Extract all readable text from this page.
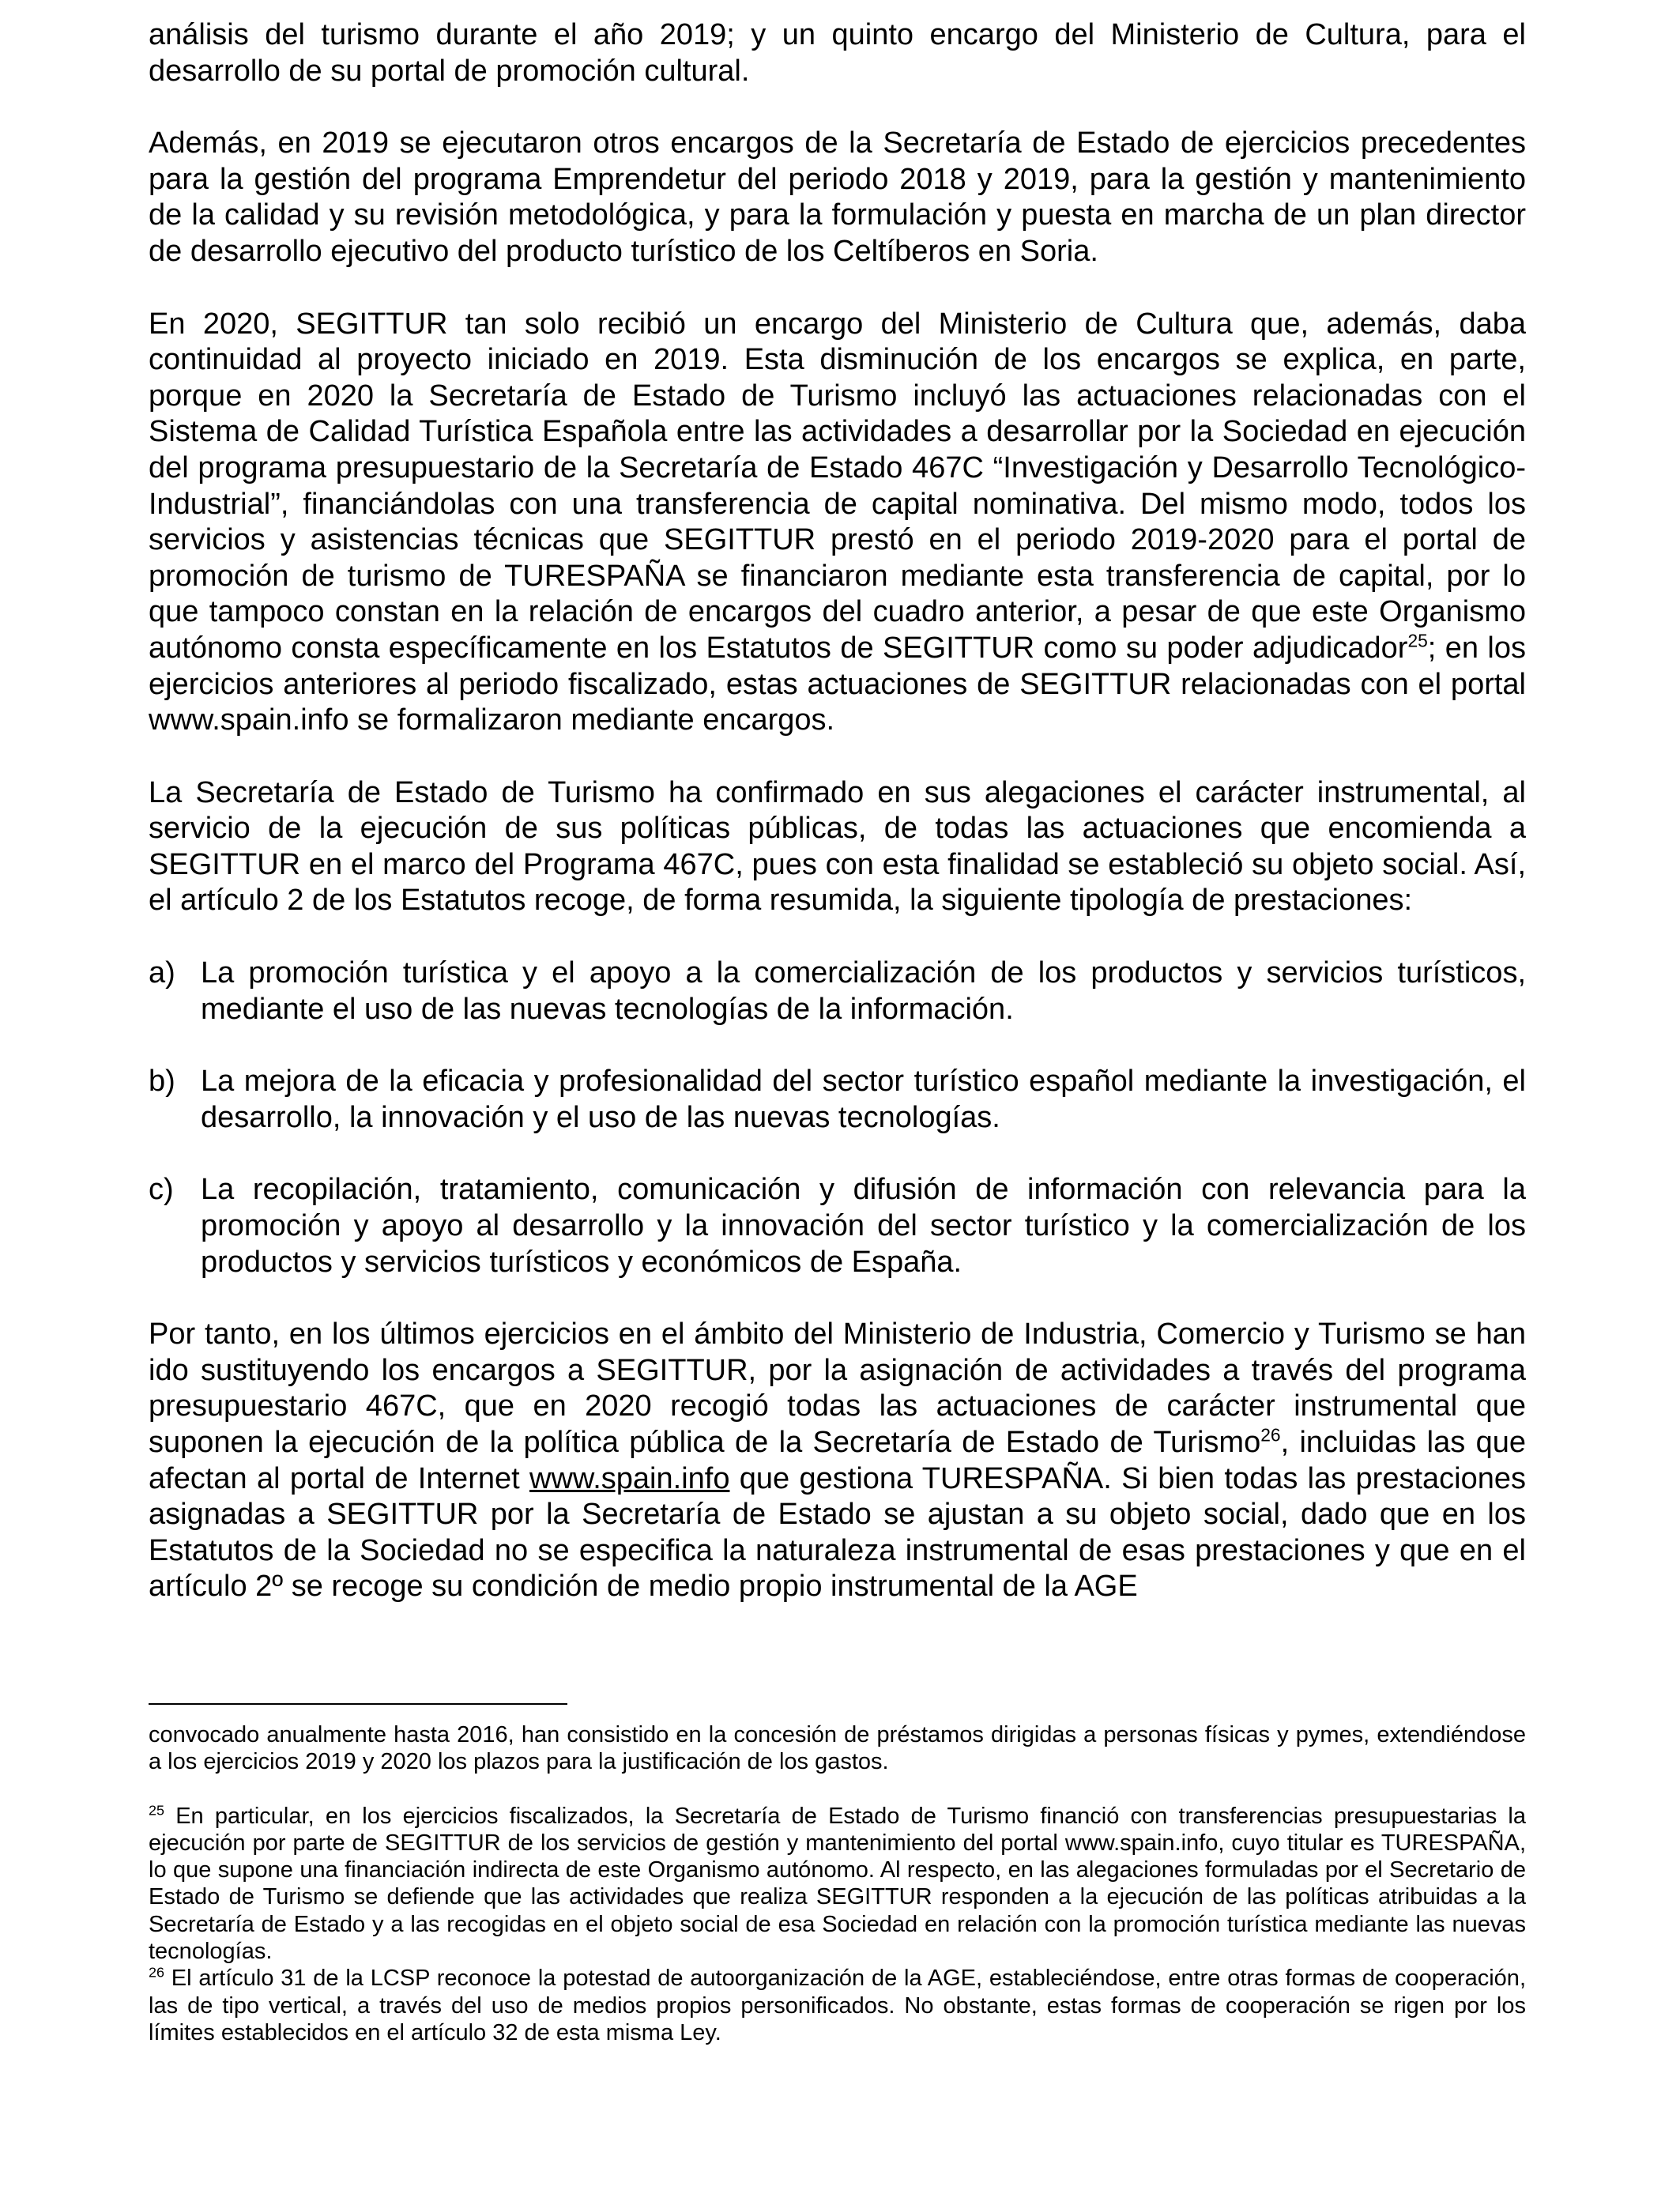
análisis del turismo durante el año 2019; y un quinto encargo del Ministerio de Cultura, para el desarrollo de su portal de promoción cultural.

Además, en 2019 se ejecutaron otros encargos de la Secretaría de Estado de ejercicios precedentes para la gestión del programa Emprendetur del periodo 2018 y 2019, para la gestión y mantenimiento de la calidad y su revisión metodológica, y para la formulación y puesta en marcha de un plan director de desarrollo ejecutivo del producto turístico de los Celtíberos en Soria.

En 2020, SEGITTUR tan solo recibió un encargo del Ministerio de Cultura que, además, daba continuidad al proyecto iniciado en 2019. Esta disminución de los encargos se explica, en parte, porque en 2020 la Secretaría de Estado de Turismo incluyó las actuaciones relacionadas con el Sistema de Calidad Turística Española entre las actividades a desarrollar por la Sociedad en ejecución del programa presupuestario de la Secretaría de Estado 467C “Investigación y Desarrollo Tecnológico-Industrial”, financiándolas con una transferencia de capital nominativa. Del mismo modo, todos los servicios y asistencias técnicas que SEGITTUR prestó en el periodo 2019-2020 para el portal de promoción de turismo de TURESPAÑA se financiaron mediante esta transferencia de capital, por lo que tampoco constan en la relación de encargos del cuadro anterior, a pesar de que este Organismo autónomo consta específicamente en los Estatutos de SEGITTUR como su poder adjudicador$^{25}$; en los ejercicios anteriores al periodo fiscalizado, estas actuaciones de SEGITTUR relacionadas con el portal www.spain.info se formalizaron mediante encargos.

La Secretaría de Estado de Turismo ha confirmado en sus alegaciones el carácter instrumental, al servicio de la ejecución de sus políticas públicas, de todas las actuaciones que encomienda a SEGITTUR en el marco del Programa 467C, pues con esta finalidad se estableció su objeto social. Así, el artículo 2 de los Estatutos recoge, de forma resumida, la siguiente tipología de prestaciones:

a) La promoción turística y el apoyo a la comercialización de los productos y servicios turísticos, mediante el uso de las nuevas tecnologías de la información.
b) La mejora de la eficacia y profesionalidad del sector turístico español mediante la investigación, el desarrollo, la innovación y el uso de las nuevas tecnologías.
c) La recopilación, tratamiento, comunicación y difusión de información con relevancia para la promoción y apoyo al desarrollo y la innovación del sector turístico y la comercialización de los productos y servicios turísticos y económicos de España.

Por tanto, en los últimos ejercicios en el ámbito del Ministerio de Industria, Comercio y Turismo se han ido sustituyendo los encargos a SEGITTUR, por la asignación de actividades a través del programa presupuestario 467C, que en 2020 recogió todas las actuaciones de carácter instrumental que suponen la ejecución de la política pública de la Secretaría de Estado de Turismo$^{26}$, incluidas las que afectan al portal de Internet www.spain.info que gestiona TURESPAÑA. Si bien todas las prestaciones asignadas a SEGITTUR por la Secretaría de Estado se ajustan a su objeto social, dado que en los Estatutos de la Sociedad no se especifica la naturaleza instrumental de esas prestaciones y que en el artículo 2º se recoge su condición de medio propio instrumental de la AGE

convocado anualmente hasta 2016, han consistido en la concesión de préstamos dirigidas a personas físicas y pymes, extendiéndose a los ejercicios 2019 y 2020 los plazos para la justificación de los gastos.

$^{25}$ En particular, en los ejercicios fiscalizados, la Secretaría de Estado de Turismo financió con transferencias presupuestarias la ejecución por parte de SEGITTUR de los servicios de gestión y mantenimiento del portal www.spain.info, cuyo titular es TURESPAÑA, lo que supone una financiación indirecta de este Organismo autónomo. Al respecto, en las alegaciones formuladas por el Secretario de Estado de Turismo se defiende que las actividades que realiza SEGITTUR responden a la ejecución de las políticas atribuidas a la Secretaría de Estado y a las recogidas en el objeto social de esa Sociedad en relación con la promoción turística mediante las nuevas tecnologías.

$^{26}$ El artículo 31 de la LCSP reconoce la potestad de autoorganización de la AGE, estableciéndose, entre otras formas de cooperación, las de tipo vertical, a través del uso de medios propios personificados. No obstante, estas formas de cooperación se rigen por los límites establecidos en el artículo 32 de esta misma Ley.
